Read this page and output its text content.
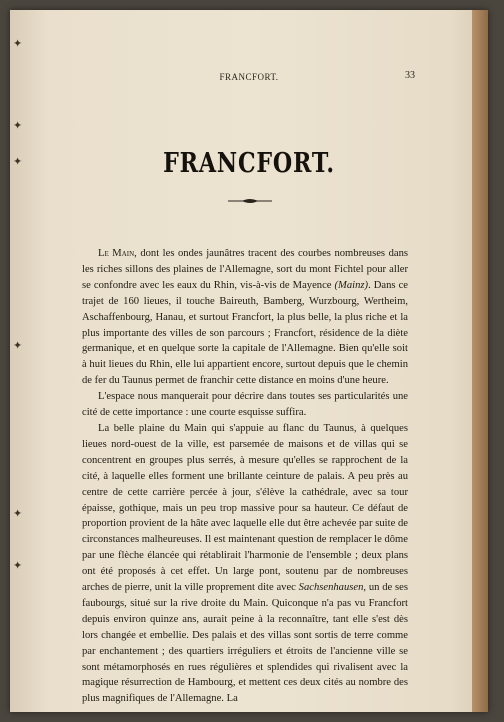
✦
✦
✦
✦
✦
✦
FRANCFORT.	33
FRANCFORT.

Le Main, dont les ondes jaunâtres tracent des courbes nombreuses dans les riches sillons des plaines de l'Allemagne, sort du mont Fichtel pour aller se confondre avec les eaux du Rhin, vis-à-vis de Mayence (Mainz). Dans ce trajet de 160 lieues, il touche Baireuth, Bamberg, Wurzbourg, Wertheim, Aschaffenbourg, Hanau, et surtout Francfort, la plus belle, la plus riche et la plus importante des villes de son parcours ; Francfort, résidence de la diète germanique, et en quelque sorte la capitale de l'Allemagne. Bien qu'elle soit à huit lieues du Rhin, elle lui appartient encore, surtout depuis que le chemin de fer du Taunus permet de franchir cette distance en moins d'une heure.

L'espace nous manquerait pour décrire dans toutes ses particularités une cité de cette importance : une courte esquisse suffira.

La belle plaine du Main qui s'appuie au flanc du Taunus, à quelques lieues nord-ouest de la ville, est parsemée de maisons et de villas qui se concentrent en groupes plus serrés, à mesure qu'elles se rapprochent de la cité, à laquelle elles forment une brillante ceinture de palais. A peu près au centre de cette carrière percée à jour, s'élève la cathédrale, avec sa tour épaisse, gothique, mais un peu trop massive pour sa hauteur. Ce défaut de proportion provient de la hâte avec laquelle elle dut être achevée par suite de circonstances malheureuses. Il est maintenant question de remplacer le dôme par une flèche élancée qui rétablirait l'harmonie de l'ensemble ; deux plans ont été proposés à cet effet. Un large pont, soutenu par de nombreuses arches de pierre, unit la ville proprement dite avec Sachsenhausen, un de ses faubourgs, situé sur la rive droite du Main. Quiconque n'a pas vu Francfort depuis environ quinze ans, aurait peine à la reconnaître, tant elle s'est dès lors changée et embellie. Des palais et des villas sont sortis de terre comme par enchantement ; des quartiers irréguliers et étroits de l'ancienne ville se sont métamorphosés en rues régulières et splendides qui rivalisent avec la magique résurrection de Hambourg, et mettent ces deux cités au nombre des plus magnifiques de l'Allemagne. La
